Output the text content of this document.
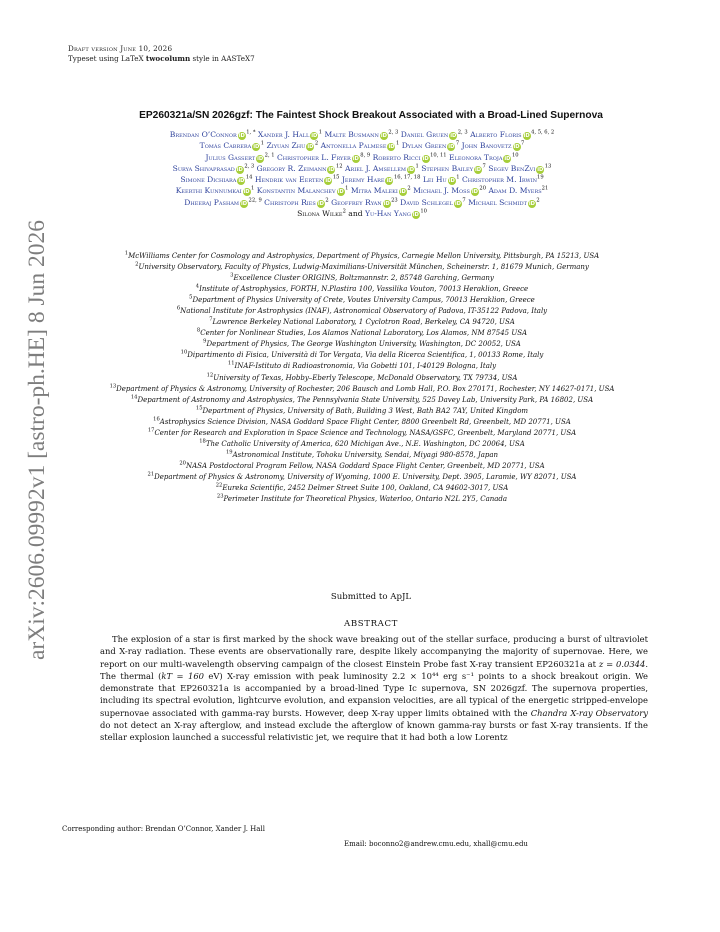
arXiv:2606.09992v1 [astro-ph.HE] 8 Jun 2026
Draft version June 10, 2026
Typeset using LaTeX twocolumn style in AASTeX7
EP260321a/SN 2026gzf: The Faintest Shock Breakout Associated with a Broad-Lined Supernova
Brendan O’Connor $iD^{1, *}$ Xander J. Hall $iD^1$ Malte Busmann iD$^{2, 3}$ Daniel Gruen iD$^{2, 3}$ Alberto Floris iD$^{4, 5, 6, 2}$
Tomás Cabrera $iD^1$ Ziyuan Zhu $iD^2$ Antonella Palmese $iD^1$ Dylan Green $iD^7$ John Banovetz $iD^7$
Julius Gassert iD$^{2, 1}$ Christopher L. Fryer iD$^{8, 9}$ Roberto Ricci iD$^{10, 11}$ Eleonora Troja $iD^{10}$
Surya Shivaprasad iD$^{2, 3}$ Gregory R. Zeimann $iD^{12}$ Ariel J. Amsellem $iD^1$ Stephen Bailey $iD^7$ Segev BenZvi $iD^{13}$
Simone Dichiara $iD^{14}$ Hendrik van Eerten $iD^{15}$ Jeremy Hare iD$^{16, 17, 18}$ Lei Hu $iD^1$ Christopher M. Irwin$^{19}$
Keerthi Kunnumkai $iD^1$ Konstantin Malanchev $iD^1$ Mitra Maleki $iD^2$ Michael J. Moss $iD^{20}$ Adam D. Myers$^{21}$
Dheeraj Pasham iD$^{22, 9}$ Christoph Ries $iD^2$ Geoffrey Ryan $iD^{23}$ David Schlegel $iD^7$ Michael Schmidt $iD^2$
Silona Wilke$^2$ and Yu-Han Yang $iD^{10}$
$^1$McWilliams Center for Cosmology and Astrophysics, Department of Physics, Carnegie Mellon University, Pittsburgh, PA 15213, USA
$^2$University Observatory, Faculty of Physics, Ludwig-Maximilians-Universität München, Scheinerstr. 1, 81679 Munich, Germany
$^3$Excellence Cluster ORIGINS, Boltzmannstr. 2, 85748 Garching, Germany
$^4$Institute of Astrophysics, FORTH, N.Plastira 100, Vassilika Vouton, 70013 Heraklion, Greece
$^5$Department of Physics University of Crete, Voutes University Campus, 70013 Heraklion, Greece
$^6$National Institute for Astrophysics (INAF), Astronomical Observatory of Padova, IT-35122 Padova, Italy
$^7$Lawrence Berkeley National Laboratory, 1 Cyclotron Road, Berkeley, CA 94720, USA
$^8$Center for Nonlinear Studies, Los Alamos National Laboratory, Los Alamos, NM 87545 USA
$^9$Department of Physics, The George Washington University, Washington, DC 20052, USA
$^{10}$Dipartimento di Fisica, Università di Tor Vergata, Via della Ricerca Scientifica, 1, 00133 Rome, Italy
$^{11}$INAF-Istituto di Radioastronomia, Via Gobetti 101, I-40129 Bologna, Italy
$^{12}$University of Texas, Hobby–Eberly Telescope, McDonald Observatory, TX 79734, USA
$^{13}$Department of Physics & Astronomy, University of Rochester, 206 Bausch and Lomb Hall, P.O. Box 270171, Rochester, NY 14627-0171, USA
$^{14}$Department of Astronomy and Astrophysics, The Pennsylvania State University, 525 Davey Lab, University Park, PA 16802, USA
$^{15}$Department of Physics, University of Bath, Building 3 West, Bath BA2 7AY, United Kingdom
$^{16}$Astrophysics Science Division, NASA Goddard Space Flight Center, 8800 Greenbelt Rd, Greenbelt, MD 20771, USA
$^{17}$Center for Research and Exploration in Space Science and Technology, NASA/GSFC, Greenbelt, Maryland 20771, USA
$^{18}$The Catholic University of America, 620 Michigan Ave., N.E. Washington, DC 20064, USA
$^{19}$Astronomical Institute, Tohoku University, Sendai, Miyagi 980-8578, Japan
$^{20}$NASA Postdoctoral Program Fellow, NASA Goddard Space Flight Center, Greenbelt, MD 20771, USA
$^{21}$Department of Physics & Astronomy, University of Wyoming, 1000 E. University, Dept. 3905, Laramie, WY 82071, USA
$^{22}$Eureka Scientific, 2452 Delmer Street Suite 100, Oakland, CA 94602-3017, USA
$^{23}$Perimeter Institute for Theoretical Physics, Waterloo, Ontario N2L 2Y5, Canada
Submitted to ApJL
ABSTRACT
The explosion of a star is first marked by the shock wave breaking out of the stellar surface, producing a burst of ultraviolet and X-ray radiation. These events are observationally rare, despite likely accompanying the majority of supernovae. Here, we report on our multi-wavelength observing campaign of the closest Einstein Probe fast X-ray transient EP260321a at z = 0.0344. The thermal (kT = 160 eV) X-ray emission with peak luminosity 2.2 × 10⁴⁴ erg s⁻¹ points to a shock breakout origin. We demonstrate that EP260321a is accompanied by a broad-lined Type Ic supernova, SN 2026gzf. The supernova properties, including its spectral evolution, lightcurve evolution, and expansion velocities, are all typical of the energetic stripped-envelope supernovae associated with gamma-ray bursts. However, deep X-ray upper limits obtained with the Chandra X-ray Observatory do not detect an X-ray afterglow, and instead exclude the afterglow of known gamma-ray bursts or fast X-ray transients. If the stellar explosion launched a successful relativistic jet, we require that it had both a low Lorentz
Corresponding author: Brendan O’Connor, Xander J. Hall
Email: boconno2@andrew.cmu.edu, xhall@cmu.edu
